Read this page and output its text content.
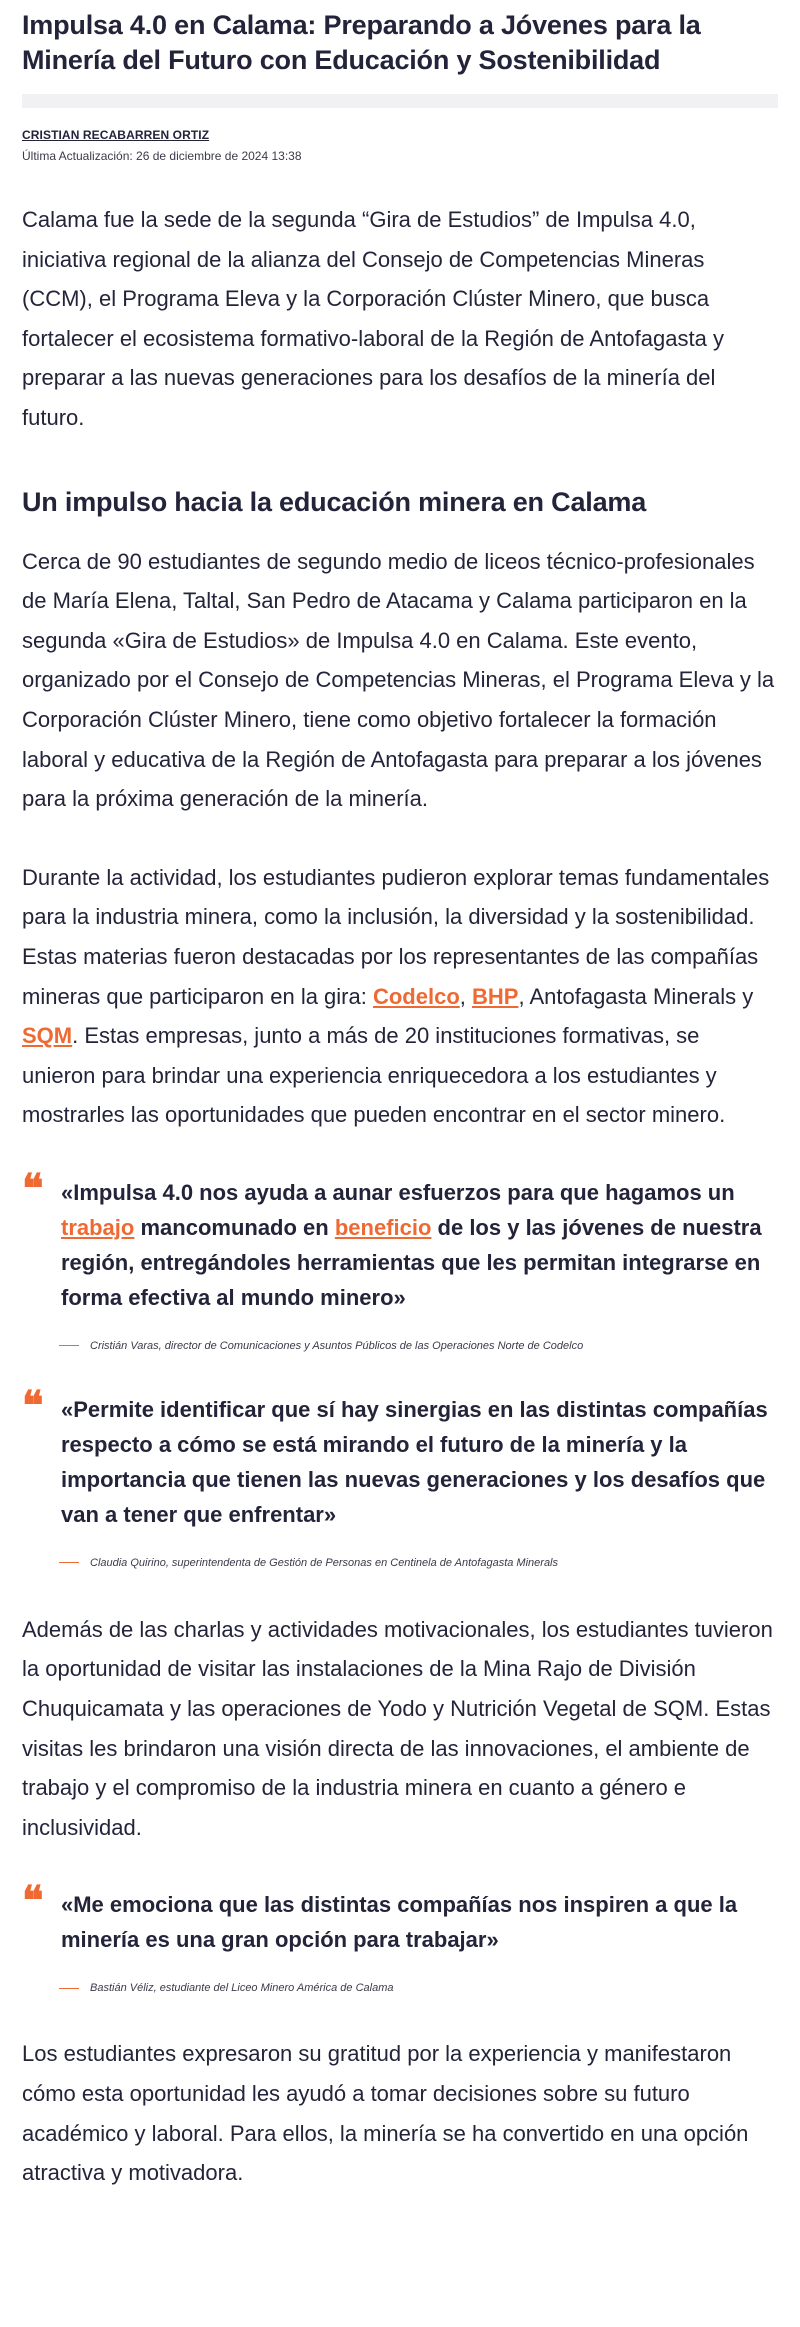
Impulsa 4.0 en Calama: Preparando a Jóvenes para la Minería del Futuro con Educación y Sostenibilidad
CRISTIAN RECABARREN ORTIZ
Última Actualización: 26 de diciembre de 2024 13:38

Calama fue la sede de la segunda “Gira de Estudios” de Impulsa 4.0, iniciativa regional de la alianza del Consejo de Competencias Mineras (CCM), el Programa Eleva y la Corporación Clúster Minero, que busca fortalecer el ecosistema formativo-laboral de la Región de Antofagasta y preparar a las nuevas generaciones para los desafíos de la minería del futuro.

Un impulso hacia la educación minera en Calama

Cerca de 90 estudiantes de segundo medio de liceos técnico-profesionales de María Elena, Taltal, San Pedro de Atacama y Calama participaron en la segunda «Gira de Estudios» de Impulsa 4.0 en Calama. Este evento, organizado por el Consejo de Competencias Mineras, el Programa Eleva y la Corporación Clúster Minero, tiene como objetivo fortalecer la formación laboral y educativa de la Región de Antofagasta para preparar a los jóvenes para la próxima generación de la minería.

Durante la actividad, los estudiantes pudieron explorar temas fundamentales para la industria minera, como la inclusión, la diversidad y la sostenibilidad. Estas materias fueron destacadas por los representantes de las compañías mineras que participaron en la gira: Codelco, BHP, Antofagasta Minerals y SQM. Estas empresas, junto a más de 20 instituciones formativas, se unieron para brindar una experiencia enriquecedora a los estudiantes y mostrarles las oportunidades que pueden encontrar en el sector minero.

❝ «Impulsa 4.0 nos ayuda a aunar esfuerzos para que hagamos un trabajo mancomunado en beneficio de los y las jóvenes de nuestra región, entregándoles herramientas que les permitan integrarse en forma efectiva al mundo minero»

Cristián Varas, director de Comunicaciones y Asuntos Públicos de las Operaciones Norte de Codelco
❝ «Permite identificar que sí hay sinergias en las distintas compañías respecto a cómo se está mirando el futuro de la minería y la importancia que tienen las nuevas generaciones y los desafíos que van a tener que enfrentar»

Claudia Quirino, superintendenta de Gestión de Personas en Centinela de Antofagasta Minerals

Además de las charlas y actividades motivacionales, los estudiantes tuvieron la oportunidad de visitar las instalaciones de la Mina Rajo de División Chuquicamata y las operaciones de Yodo y Nutrición Vegetal de SQM. Estas visitas les brindaron una visión directa de las innovaciones, el ambiente de trabajo y el compromiso de la industria minera en cuanto a género e inclusividad.

❝ «Me emociona que las distintas compañías nos inspiren a que la minería es una gran opción para trabajar»

Bastián Véliz, estudiante del Liceo Minero América de Calama

Los estudiantes expresaron su gratitud por la experiencia y manifestaron cómo esta oportunidad les ayudó a tomar decisiones sobre su futuro académico y laboral. Para ellos, la minería se ha convertido en una opción atractiva y motivadora.
